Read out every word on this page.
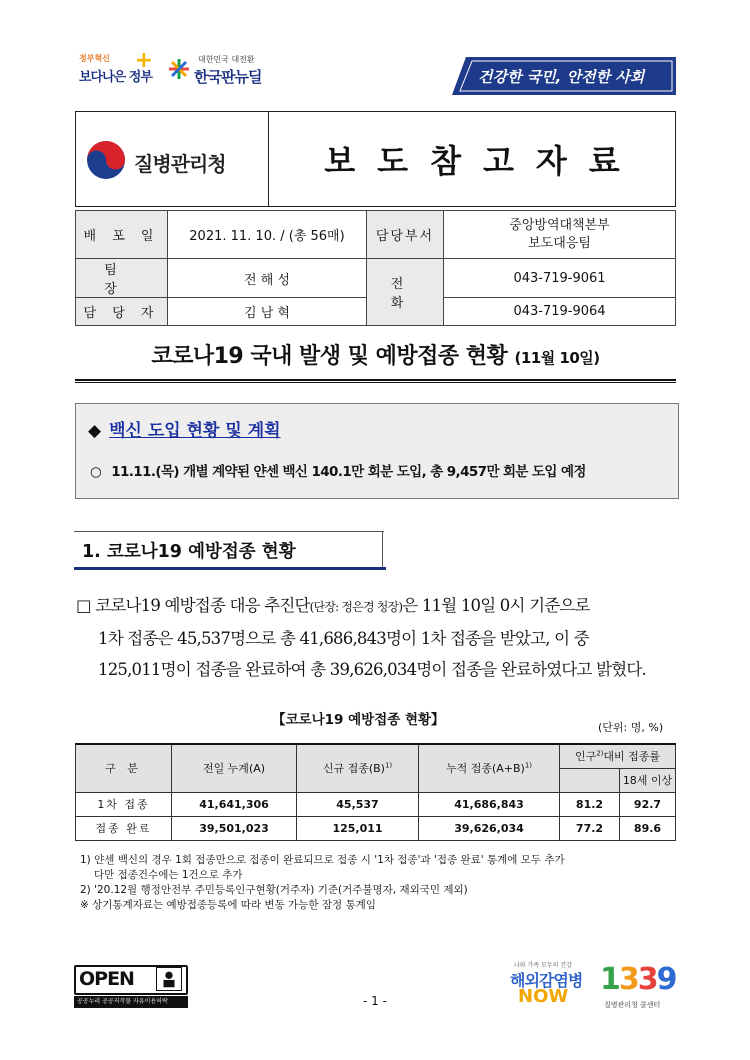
정부혁신
보다나은 정부
+	대한민국 대전환
한국판뉴딜	건강한 국민, 안전한 사회
질병관리청	보도참고자료
배 포 일	2021. 11. 10. / (총 56매)	담당부서	중앙방역대책본부
보도대응팀

팀 장	전 해 성	전 화	043-719-9061
담 당 자	김 남 혁		043-719-9064
코로나19 국내 발생 및 예방접종 현황 (11월 10일)
◆ 백신 도입 현황 및 계획
○ 11.11.(목) 개별 계약된 얀센 백신 140.1만 회분 도입, 총 9,457만 회분 도입 예정
1. 코로나19 예방접종 현황
□ 코로나19 예방접종 대응 추진단(단장: 정은경 청장)은 11월 10일 0시 기준으로
1차 접종은 45,537명으로 총 41,686,843명이 1차 접종을 받았고, 이 중
125,011명이 접종을 완료하여 총 39,626,034명이 접종을 완료하였다고 밝혔다.
【코로나19 예방접종 현황】	(단위: 명, %)
구 분	전일 누계(A)	신규 접종$(B)^{1)}$	누적 접종$(A+B)^{1)}$	인구$^{2)}$대비 접종률	
					18세 이상
1차 접종	41,641,306	45,537	41,686,843	81.2	92.7
접종 완료	39,501,023	125,011	39,626,034	77.2	89.6
1) 얀센 백신의 경우 1회 접종만으로 접종이 완료되므로 접종 시 '1차 접종'과 '접종 완료' 통계에 모두 추가
다만 접종건수에는 1건으로 추가
2) '20.12월 행정안전부 주민등록인구현황(거주자) 기준(거주불명자, 재외국민 제외)
※ 상기통계자료는 예방접종등록에 따라 변동 가능한 잠정 통계임
OPEN
공공누리 공공저작물 자유이용허락	- 1 -
나와 가족 모두의 건강
해외감염병
NOW 1339
질병관리청 콜센터
